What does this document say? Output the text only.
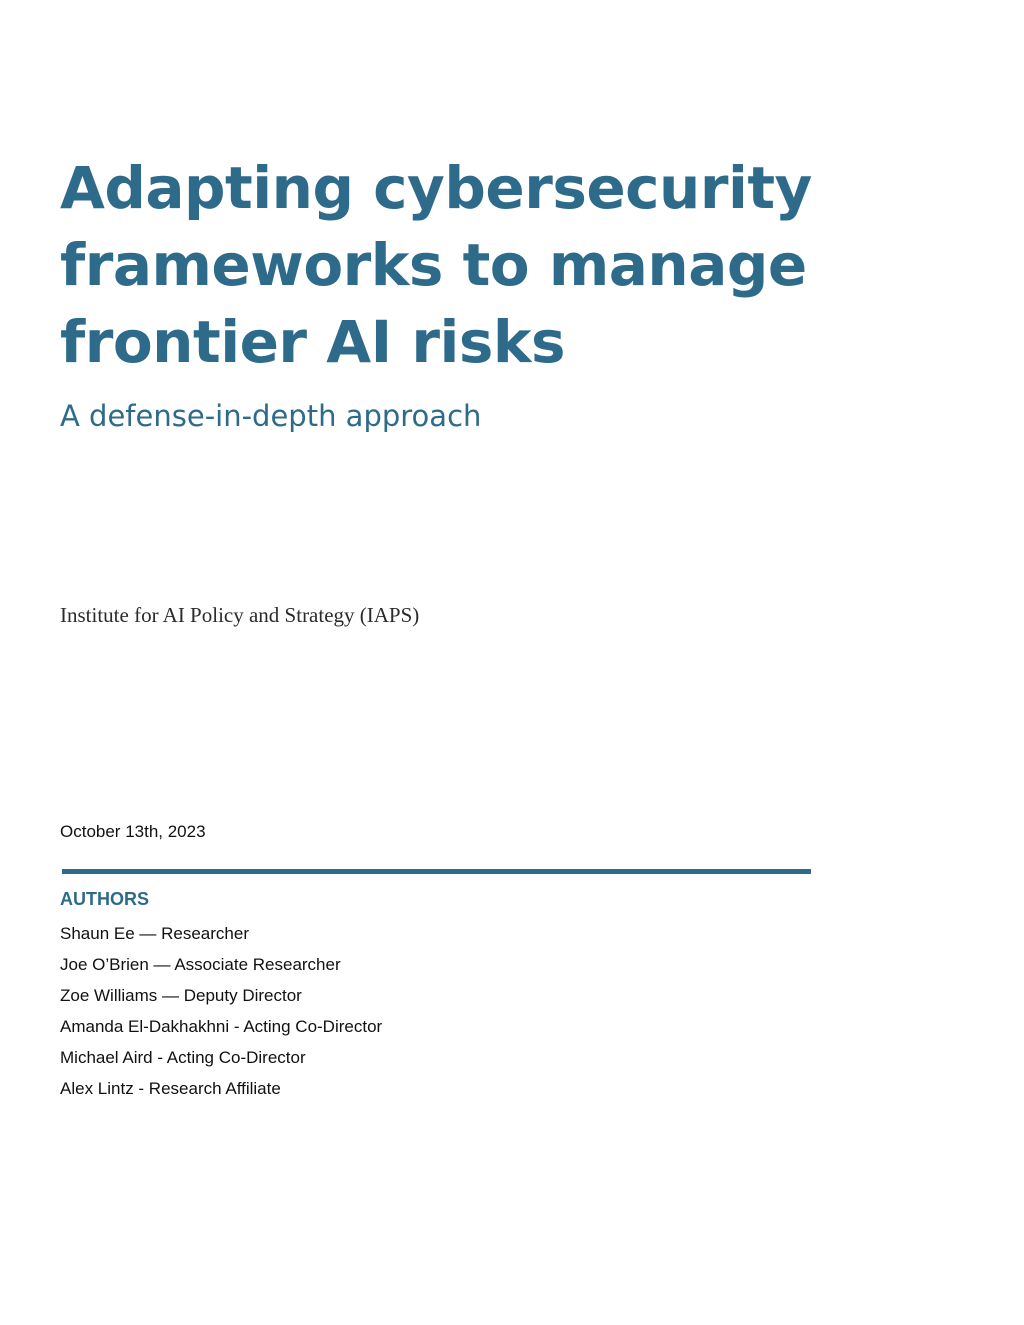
Adapting cybersecurity frameworks to manage frontier AI risks
A defense-in-depth approach

Institute for AI Policy and Strategy (IAPS)

October 13th, 2023

AUTHORS
Shaun Ee — Researcher
Joe O’Brien — Associate Researcher
Zoe Williams — Deputy Director
Amanda El-Dakhakhni - Acting Co-Director
Michael Aird - Acting Co-Director
Alex Lintz - Research Affiliate
